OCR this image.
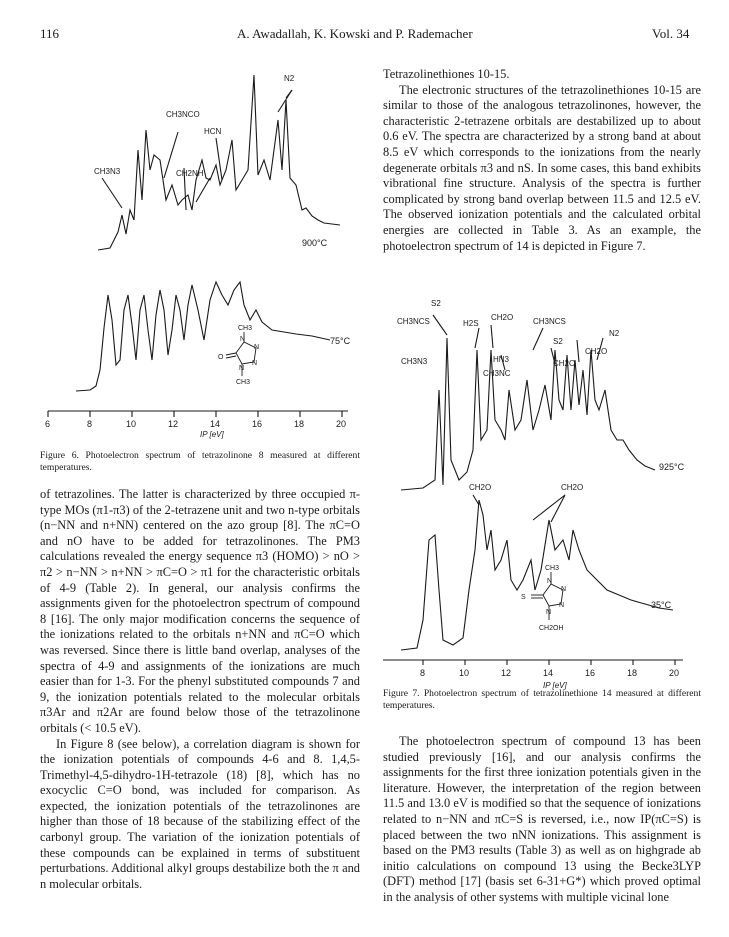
116	A. Awadallah, K. Kowski and P. Rademacher	Vol. 34
N2
CH3NCO
HCN
CH3N3	CH2NH
900°C
75°C
CH3
CH3
O
N
N
N
N
6	8	10	12	14	16	18	20
IP [eV]
Figure 6. Photoelectron spectrum of tetrazolinone 8 measured at different temperatures.

of tetrazolines. The latter is characterized by three occupied π-type MOs (π1-π3) of the 2-tetrazene unit and two n-type orbitals (n−NN and n+NN) centered on the azo group [8]. The πC=O and nO have to be added for tetrazolinones. The PM3 calculations revealed the energy sequence π3 (HOMO) > nO > π2 > n−NN > n+NN > πC=O > π1 for the characteristic orbitals of 4-9 (Table 2). In general, our analysis confirms the assignments given for the photoelectron spectrum of compound 8 [16]. The only major modification concerns the sequence of the ionizations related to the orbitals n+NN and πC=O which was reversed. Since there is little band overlap, analyses of the spectra of 4-9 and assignments of the ionizations are much easier than for 1-3. For the phenyl substituted compounds 7 and 9, the ionization potentials related to the molecular orbitals π3Ar and π2Ar are found below those of the tetrazolinone orbitals (< 10.5 eV).

In Figure 8 (see below), a correlation diagram is shown for the ionization potentials of compounds 4-6 and 8. 1,4,5-Trimethyl-4,5-dihydro-1H-tetrazole (18) [8], which has no exocyclic C=O bond, was included for comparison. As expected, the ionization potentials of the tetrazolinones are higher than those of 18 because of the stabilizing effect of the carbonyl group. The variation of the ionization potentials of these compounds can be explained in terms of substituent perturbations. Additional alkyl groups destabilize both the π and n molecular orbitals.

Tetrazolinethiones 10-15.

The electronic structures of the tetrazolinethiones 10-15 are similar to those of the analogous tetrazolinones, however, the characteristic 2-tetrazene orbitals are destabilized up to about 0.6 eV. The spectra are characterized by a strong band at about 8.5 eV which corresponds to the ionizations from the nearly degenerate orbitals π3 and nS. In some cases, this band exhibits vibrational fine structure. Analysis of the spectra is further complicated by strong band overlap between 11.5 and 12.5 eV. The observed ionization potentials and the calculated orbital energies are collected in Table 3. As an example, the photoelectron spectrum of 14 is depicted in Figure 7.

S2
CH3NCS	H2S
CH2O CH3NCS
S2
N2
CH3N3	HN3
CH3NC
CH2O
CH2O
925°C
CH2O	CH2O
35°C
CH3
S
CH2OH
N
N
N
N
8	10	12	14	16	18	20
IP [eV]
Figure 7. Photoelectron spectrum of tetrazolinethione 14 measured at different temperatures.

The photoelectron spectrum of compound 13 has been studied previously [16], and our analysis confirms the assignments for the first three ionization potentials given in the literature. However, the interpretation of the region between 11.5 and 13.0 eV is modified so that the sequence of ionizations related to n−NN and πC=S is reversed, i.e., now IP(πC=S) is placed between the two nNN ionizations. This assignment is based on the PM3 results (Table 3) as well as on highgrade ab initio calculations on compound 13 using the Becke3LYP (DFT) method [17] (basis set 6-31+G*) which proved optimal in the analysis of other systems with multiple vicinal lone
